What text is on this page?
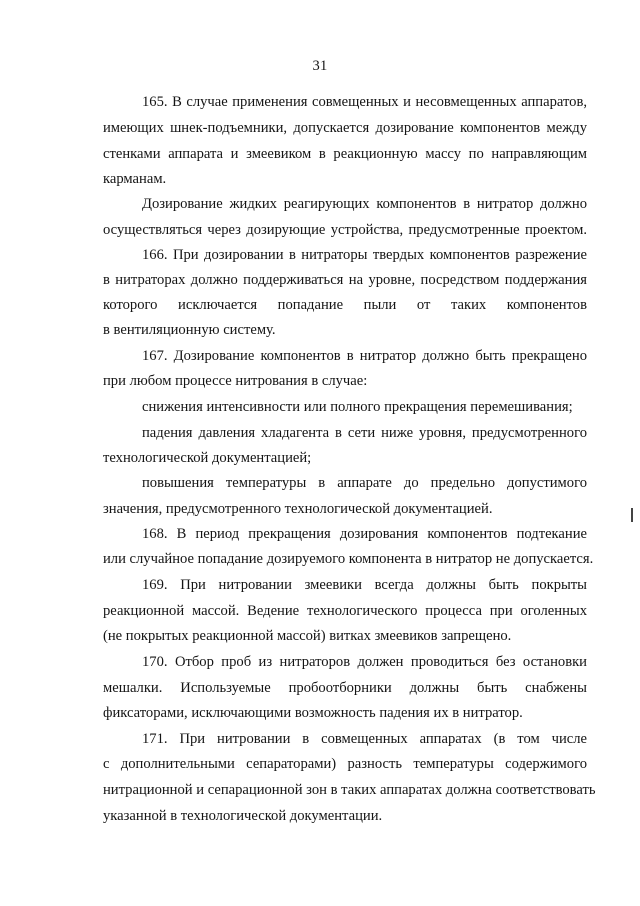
31
165. В случае применения совмещенных и несовмещенных аппаратов,
имеющих шнек-подъемники, допускается дозирование компонентов между
стенками аппарата и змеевиком в реакционную массу по направляющим
карманам.
Дозирование жидких реагирующих компонентов в нитратор должно
осуществляться через дозирующие устройства, предусмотренные проектом.
166. При дозировании в нитраторы твердых компонентов разрежение
в нитраторах должно поддерживаться на уровне, посредством поддержания
которого исключается попадание пыли от таких компонентов
в вентиляционную систему.
167. Дозирование компонентов в нитратор должно быть прекращено
при любом процессе нитрования в случае:
снижения интенсивности или полного прекращения перемешивания;
падения давления хладагента в сети ниже уровня, предусмотренного
технологической документацией;
повышения температуры в аппарате до предельно допустимого
значения, предусмотренного технологической документацией.
168. В период прекращения дозирования компонентов подтекание
или случайное попадание дозируемого компонента в нитратор не допускается.
169. При нитровании змеевики всегда должны быть покрыты
реакционной массой. Ведение технологического процесса при оголенных
(не покрытых реакционной массой) витках змеевиков запрещено.
170. Отбор проб из нитраторов должен проводиться без остановки
мешалки. Используемые пробоотборники должны быть снабжены
фиксаторами, исключающими возможность падения их в нитратор.
171. При нитровании в совмещенных аппаратах (в том числе
с дополнительными сепараторами) разность температуры содержимого
нитрационной и сепарационной зон в таких аппаратах должна соответствовать
указанной в технологической документации.
